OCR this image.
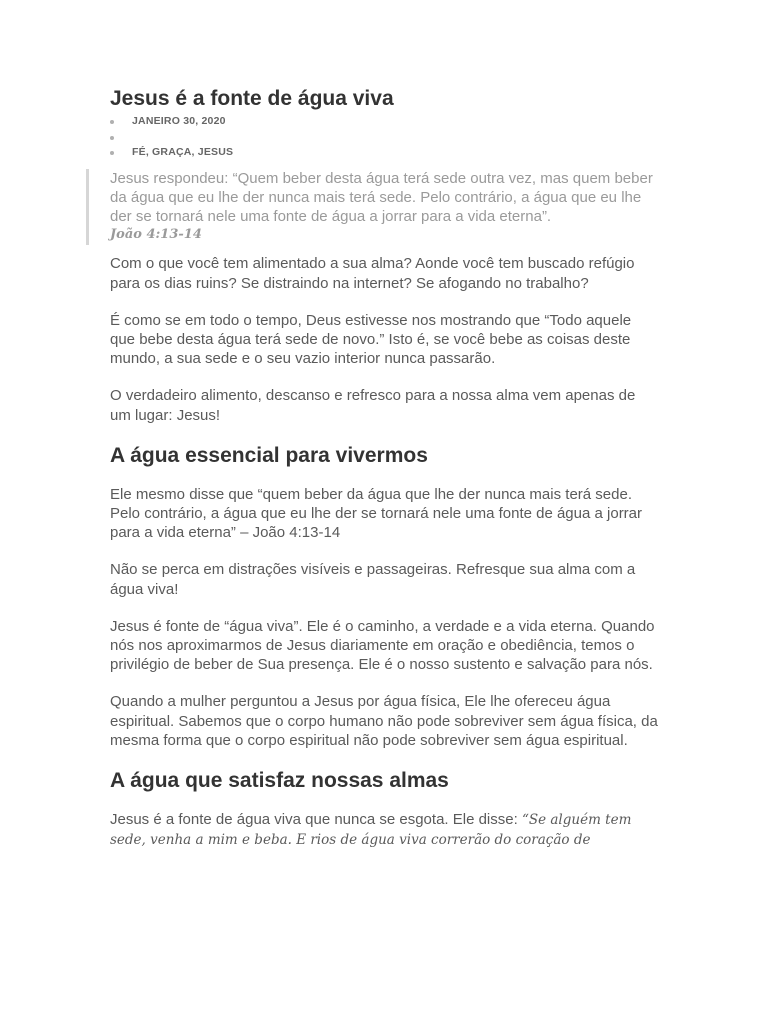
Jesus é a fonte de água viva
JANEIRO 30, 2020
FÉ, GRAÇA, JESUS

Jesus respondeu: “Quem beber desta água terá sede outra vez, mas quem beber da água que eu lhe der nunca mais terá sede. Pelo contrário, a água que eu lhe der se tornará nele uma fonte de água a jorrar para a vida eterna”.

João 4:13-14

Com o que você tem alimentado a sua alma? Aonde você tem buscado refúgio para os dias ruins? Se distraindo na internet? Se afogando no trabalho?

É como se em todo o tempo, Deus estivesse nos mostrando que “Todo aquele que bebe desta água terá sede de novo.” Isto é, se você bebe as coisas deste mundo, a sua sede e o seu vazio interior nunca passarão.

O verdadeiro alimento, descanso e refresco para a nossa alma vem apenas de um lugar: Jesus!

A água essencial para vivermos

Ele mesmo disse que “quem beber da água que lhe der nunca mais terá sede. Pelo contrário, a água que eu lhe der se tornará nele uma fonte de água a jorrar para a vida eterna” – João 4:13-14

Não se perca em distrações visíveis e passageiras. Refresque sua alma com a água viva!

Jesus é fonte de “água viva”. Ele é o caminho, a verdade e a vida eterna. Quando nós nos aproximarmos de Jesus diariamente em oração e obediência, temos o privilégio de beber de Sua presença. Ele é o nosso sustento e salvação para nós.

Quando a mulher perguntou a Jesus por água física, Ele lhe ofereceu água espiritual. Sabemos que o corpo humano não pode sobreviver sem água física, da mesma forma que o corpo espiritual não pode sobreviver sem água espiritual.

A água que satisfaz nossas almas

Jesus é a fonte de água viva que nunca se esgota. Ele disse: “Se alguém tem sede, venha a mim e beba. E rios de água viva correrão do coração de
